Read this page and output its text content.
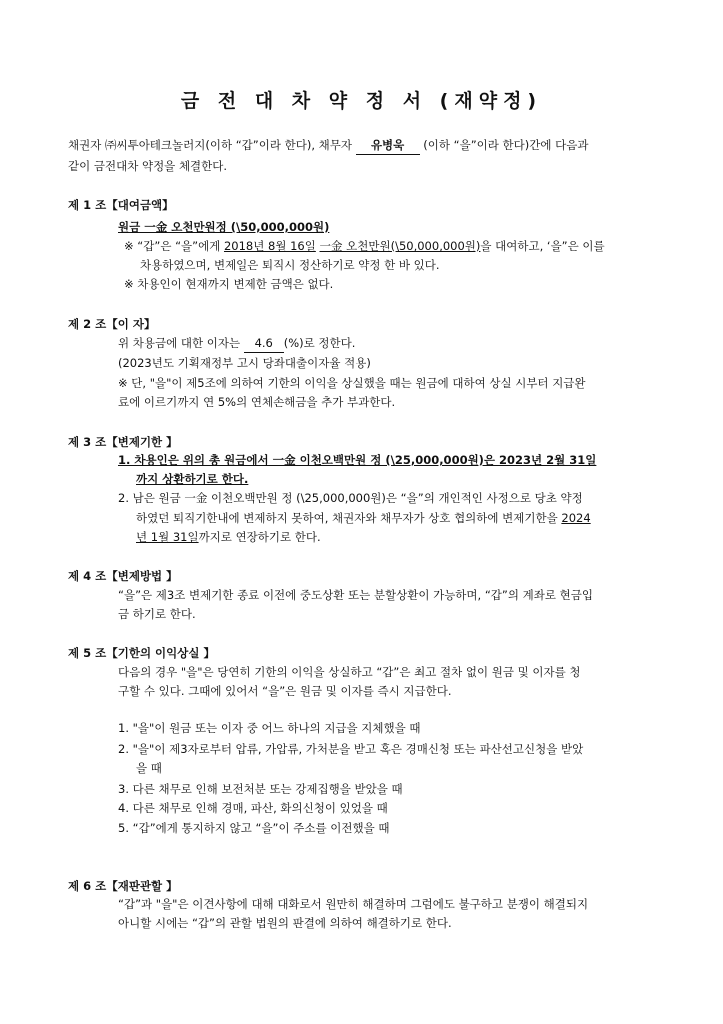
금 전 대 차 약 정 서 (재약정)
채권자 ㈜씨투아테크놀러지(이하 “갑”이라 한다), 채무자 유병욱 (이하 “을”이라 한다)간에 다음과
같이 금전대차 약정을 체결한다.
제 1 조【대여금액】
원금 一金 오천만원정 (\50,000,000원)
※ “갑”은 “을”에게 2018년 8월 16일 一金 오천만원(\50,000,000원)을 대여하고, ‘을”은 이를
차용하였으며, 변제일은 퇴직시 정산하기로 약정 한 바 있다.
※ 차용인이 현재까지 변제한 금액은 없다.
제 2 조【이 자】
위 차용금에 대한 이자는 4.6 (%)로 정한다.
(2023년도 기획재정부 고시 당좌대출이자율 적용)
※ 단, "을"이 제5조에 의하여 기한의 이익을 상실했을 때는 원금에 대하여 상실 시부터 지급완
료에 이르기까지 연 5%의 연체손해금을 추가 부과한다.
제 3 조【변제기한 】
1. 차용인은 위의 총 원금에서 一金 이천오백만원 정 (\25,000,000원)은 2023년 2월 31일
까지 상환하기로 한다.
2. 남은 원금 一金 이천오백만원 정 (\25,000,000원)은 “을”의 개인적인 사정으로 당초 약정
하였던 퇴직기한내에 변제하지 못하여, 채권자와 채무자가 상호 협의하에 변제기한을 2024
년 1월 31일까지로 연장하기로 한다.
제 4 조【변제방법 】
“을”은 제3조 변제기한 종료 이전에 중도상환 또는 분할상환이 가능하며, “갑”의 계좌로 현금입
금 하기로 한다.
제 5 조【기한의 이익상실 】
다음의 경우 "을"은 당연히 기한의 이익을 상실하고 “갑”은 최고 절차 없이 원금 및 이자를 청
구할 수 있다. 그때에 있어서 “을”은 원금 및 이자를 즉시 지급한다.
1. "을"이 원금 또는 이자 중 어느 하나의 지급을 지체했을 때
2. "을"이 제3자로부터 압류, 가압류, 가처분을 받고 혹은 경매신청 또는 파산선고신청을 받았
을 때
3. 다른 채무로 인해 보전처분 또는 강제집행을 받았을 때
4. 다른 채무로 인해 경매, 파산, 화의신청이 있었을 때
5. “갑”에게 통지하지 않고 “을”이 주소를 이전했을 때
제 6 조【재판관할 】
“갑”과 "을"은 이견사항에 대해 대화로서 원만히 해결하며 그럼에도 불구하고 분쟁이 해결되지
아니할 시에는 “갑”의 관할 법원의 판결에 의하여 해결하기로 한다.
